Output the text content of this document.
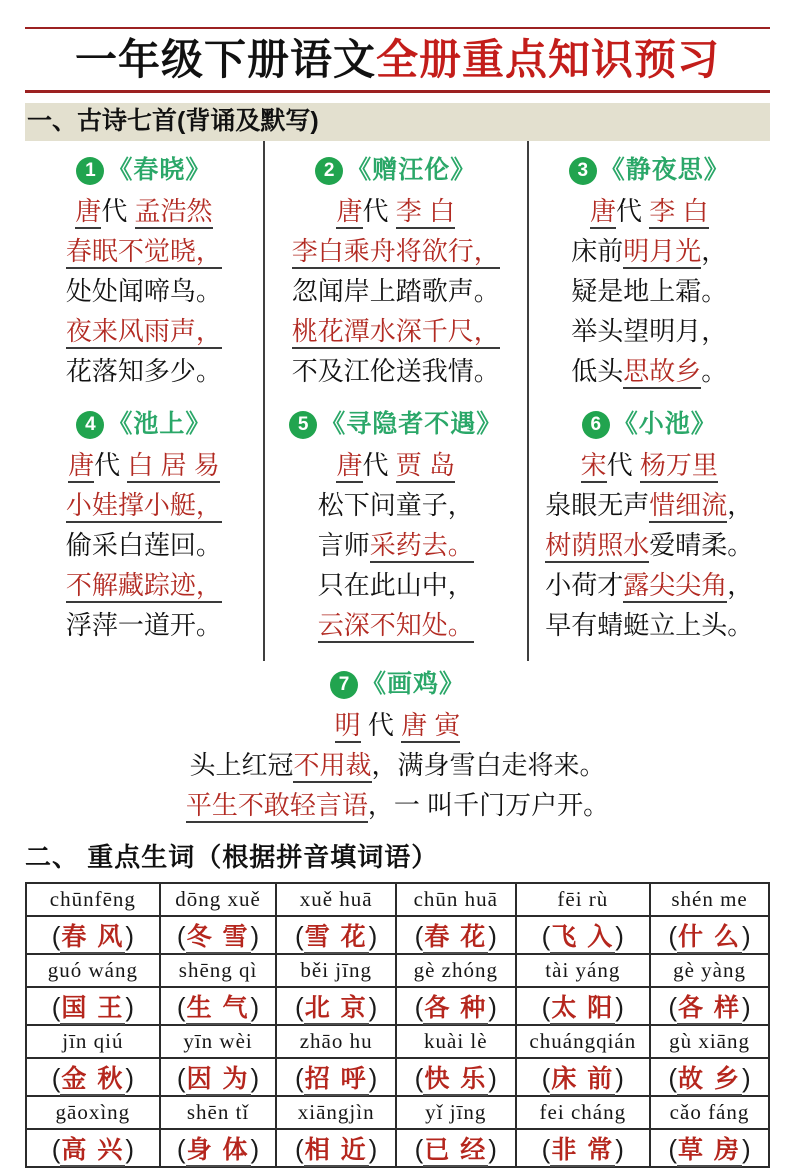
一年级下册语文全册重点知识预习
一、古诗七首(背诵及默写)
1 《春晓》
唐代 孟浩然
春眠不觉晓，
处处闻啼鸟。
夜来风雨声，
花落知多少。
4 《池上》
唐代 白 居 易
小娃撑小艇，
偷采白莲回。
不解藏踪迹，
浮萍一道开。
2 《赠汪伦》
唐代 李 白
李白乘舟将欲行，
忽闻岸上踏歌声。
桃花潭水深千尺，
不及江伦送我情。
5 《寻隐者不遇》
唐代 贾 岛
松下问童子，
言师采药去。
只在此山中，
云深不知处。
3 《静夜思》
唐代 李 白
床前明月光，
疑是地上霜。
举头望明月，
低头思故乡。
6 《小池》
宋代 杨万里
泉眼无声惜细流，
树荫照水爱晴柔。
小荷才露尖尖角，
早有蜻蜓立上头。
7 《画鸡》
明 代 唐 寅
头上红冠不用裁，满身雪白走将来。
平生不敢轻言语，一 叫千门万户开。
二、 重点生词（根据拼音填词语）
chūnfēng	dōng xuě	xuě huā	chūn huā	fēi rù	shén me
(春 风)	(冬 雪)	(雪 花)	(春 花)	(飞 入)	(什 么)
guó wáng	shēng qì	běi jīng	gè zhóng	tài yáng	gè yàng
(国 王)	(生 气)	(北 京)	(各 种)	(太 阳)	(各 样)
jīn qiú	yīn wèi	zhāo hu	kuài lè	chuángqián	gù xiāng
(金 秋)	(因 为)	(招 呼)	(快 乐)	(床 前)	(故 乡)
gāoxìng	shēn tǐ	xiāngjìn	yǐ jīng	fei cháng	cǎo fáng
(高 兴)	(身 体)	(相 近)	(已 经)	(非 常)	(草 房)
